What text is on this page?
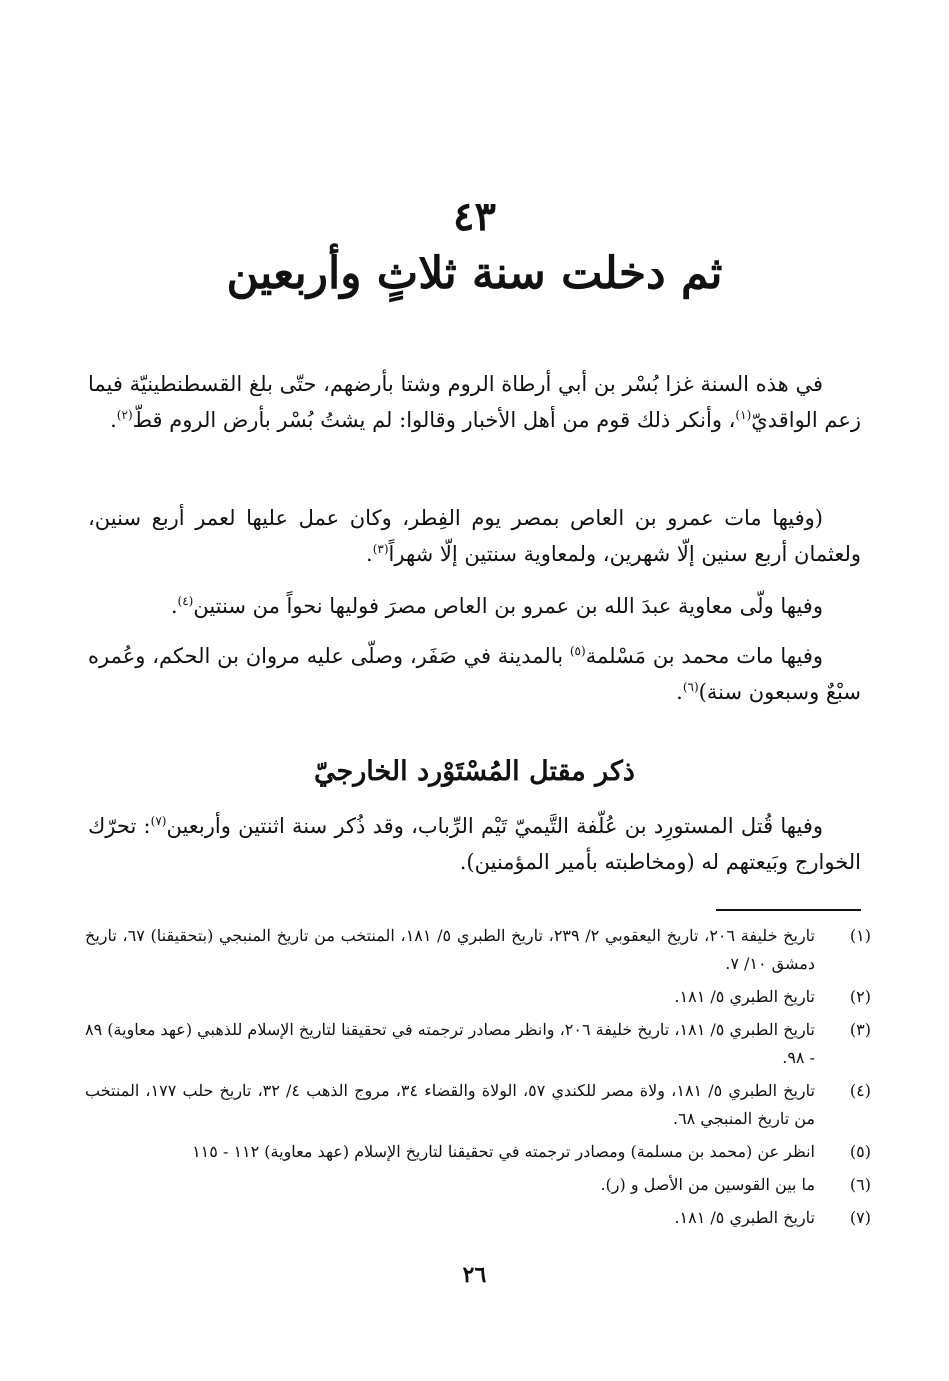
٤٣
ثم دخلت سنة ثلاثٍ وأربعين

في هذه السنة غزا بُسْر بن أبي أرطاة الروم وشتا بأرضهم، حتّى بلغ القسطنطينيّة فيما زعم الواقديّ$^{(١)}$، وأنكر ذلك قوم من أهل الأخبار وقالوا: لم يشتُ بُسْر بأرض الروم قطّ$^{(٢)}$.

(وفيها مات عمرو بن العاص بمصر يوم الفِطر، وكان عمل عليها لعمر أربع سنين، ولعثمان أربع سنين إلّا شهرين، ولمعاوية سنتين إلّا شهراً$^{(٣)}$.

وفيها ولّى معاوية عبدَ الله بن عمرو بن العاص مصرَ فوليها نحواً من سنتين$^{(٤)}$.

وفيها مات محمد بن مَسْلمة$^{(٥)}$ بالمدينة في صَفَر، وصلّى عليه مروان بن الحكم، وعُمره سبْعٌ وسبعون سنة)$^{(٦)}$.

ذكر مقتل المُسْتَوْرد الخارجيّ

وفيها قُتل المستورِد بن عُلّفة التَّيميّ تَيْم الرِّباب، وقد ذُكر سنة اثنتين وأربعين$^{(٧)}$: تحرّك الخوارج وبَيعتهم له (ومخاطبته بأمير المؤمنين).

(١)
تاريخ خليفة ٢٠٦، تاريخ اليعقوبي ٢/ ٢٣٩، تاريخ الطبري ٥/ ١٨١، المنتخب من تاريخ المنبجي (بتحقيقنا) ٦٧، تاريخ دمشق ١٠/ ٧.
(٢)
تاريخ الطبري ٥/ ١٨١.
(٣)
تاريخ الطبري ٥/ ١٨١، تاريخ خليفة ٢٠٦، وانظر مصادر ترجمته في تحقيقنا لتاريخ الإسلام للذهبي (عهد معاوية) ٨٩ - ٩٨.
(٤)
تاريخ الطبري ٥/ ١٨١، ولاة مصر للكندي ٥٧، الولاة والقضاء ٣٤، مروج الذهب ٤/ ٣٢، تاريخ حلب ١٧٧، المنتخب من تاريخ المنبجي ٦٨.
(٥)
انظر عن (محمد بن مسلمة) ومصادر ترجمته في تحقيقنا لتاريخ الإسلام (عهد معاوية) ١١٢ - ١١٥
(٦)
ما بين القوسين من الأصل و (ر).
(٧)
تاريخ الطبري ٥/ ١٨١.
٢٦
